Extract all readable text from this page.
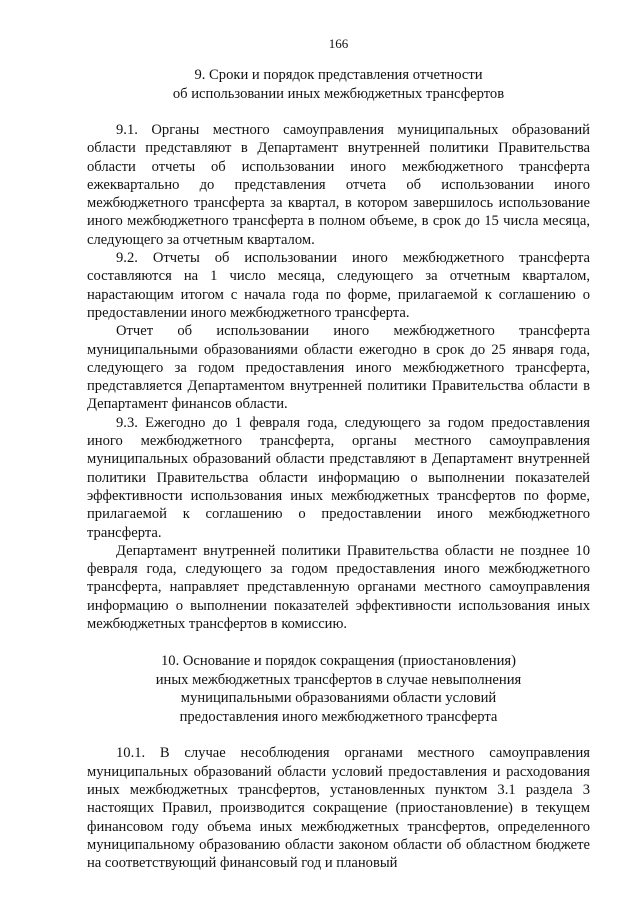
166
9. Сроки и порядок представления отчетности
об использовании иных межбюджетных трансфертов

9.1. Органы местного самоуправления муниципальных образований области представляют в Департамент внутренней политики Правительства области отчеты об использовании иного межбюджетного трансферта ежеквартально до представления отчета об использовании иного межбюджетного трансферта за квартал, в котором завершилось использование иного межбюджетного трансферта в полном объеме, в срок до 15 числа месяца, следующего за отчетным кварталом.

9.2. Отчеты об использовании иного межбюджетного трансферта составляются на 1 число месяца, следующего за отчетным кварталом, нарастающим итогом с начала года по форме, прилагаемой к соглашению о предоставлении иного межбюджетного трансферта.

Отчет об использовании иного межбюджетного трансферта муниципальными образованиями области ежегодно в срок до 25 января года, следующего за годом предоставления иного межбюджетного трансферта, представляется Департаментом внутренней политики Правительства области в Департамент финансов области.

9.3. Ежегодно до 1 февраля года, следующего за годом предоставления иного межбюджетного трансферта, органы местного самоуправления муниципальных образований области представляют в Департамент внутренней политики Правительства области информацию о выполнении показателей эффективности использования иных межбюджетных трансфертов по форме, прилагаемой к соглашению о предоставлении иного межбюджетного трансферта.

Департамент внутренней политики Правительства области не позднее 10 февраля года, следующего за годом предоставления иного межбюджетного трансферта, направляет представленную органами местного самоуправления информацию о выполнении показателей эффективности использования иных межбюджетных трансфертов в комиссию.

10. Основание и порядок сокращения (приостановления)
иных межбюджетных трансфертов в случае невыполнения
муниципальными образованиями области условий
предоставления иного межбюджетного трансферта

10.1. В случае несоблюдения органами местного самоуправления муниципальных образований области условий предоставления и расходования иных межбюджетных трансфертов, установленных пунктом 3.1 раздела 3 настоящих Правил, производится сокращение (приостановление) в текущем финансовом году объема иных межбюджетных трансфертов, определенного муниципальному образованию области законом области об областном бюджете на соответствующий финансовый год и плановый
